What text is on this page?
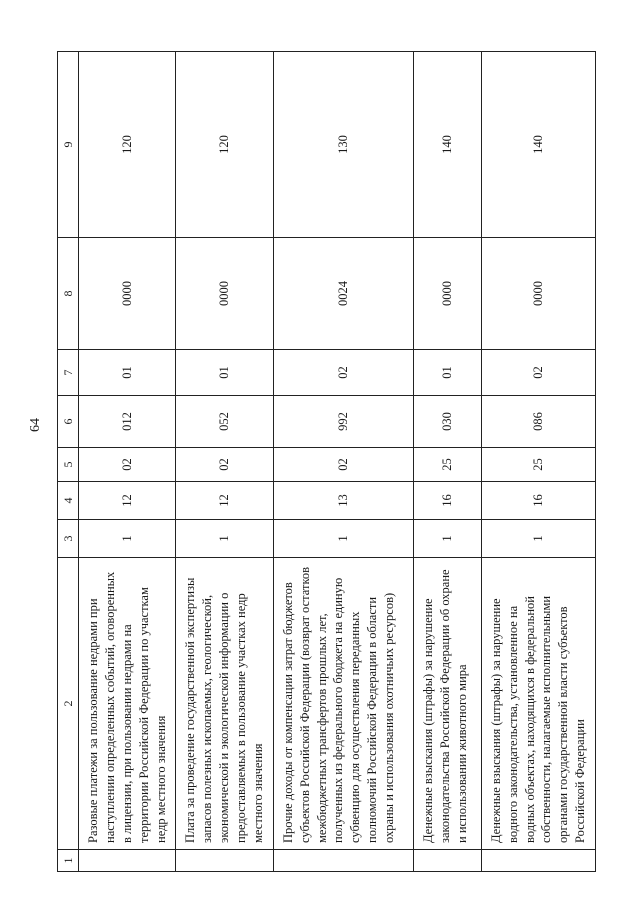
64
1	2	3	4	5	6	7	8	9
	Разовые платежи за пользование недрами при наступлении определенных событий, оговоренных в лицензии, при пользовании недрами на территории Российской Федерации по участкам недр местного значения	1	12	02	012	01	0000	120
	Плата за проведение государственной экспертизы запасов полезных ископаемых, геологической, экономической и экологической информации о предоставляемых в пользование участках недр местного значения	1	12	02	052	01	0000	120
	Прочие доходы от компенсации затрат бюджетов субъектов Российской Федерации (возврат остатков межбюджетных трансфертов прошлых лет, полученных из федерального бюджета на единую субвенцию для осуществления переданных полномочий Российской Федерации в области охраны и использования охотничьих ресурсов)	1	13	02	992	02	0024	130
	Денежные взыскания (штрафы) за нарушение законодательства Российской Федерации об охране и использовании животного мира	1	16	25	030	01	0000	140
	Денежные взыскания (штрафы) за нарушение водного законодательства, установленное на водных объектах, находящихся в федеральной собственности, налагаемые исполнительными органами государственной власти субъектов Российской Федерации	1	16	25	086	02	0000	140
